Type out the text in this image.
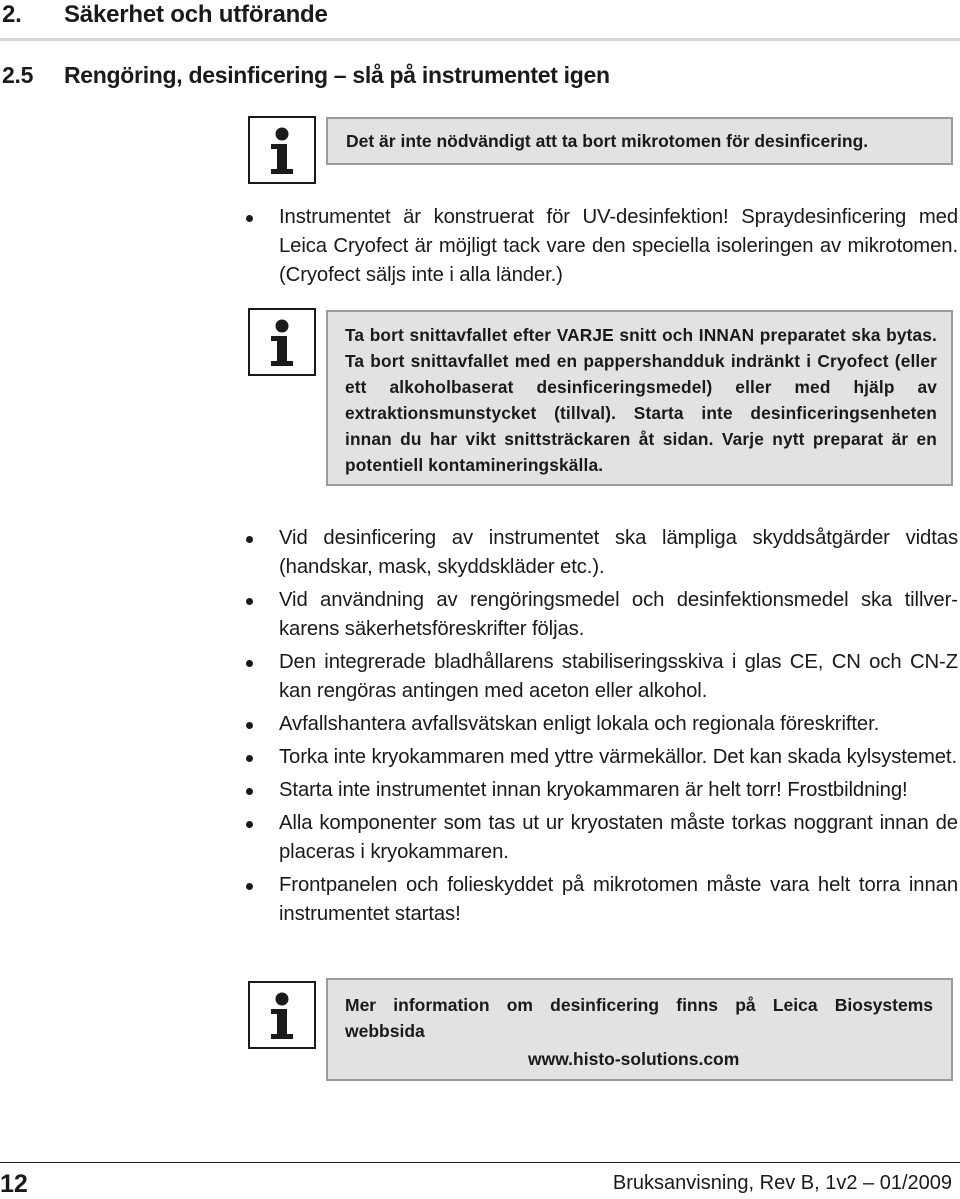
2. Säkerhet och utförande
2.5 Rengöring, desinficering – slå på instrumentet igen
Det är inte nödvändigt att ta bort mikrotomen för desinficering.
Instrumentet är konstruerat för UV-desinfektion! Spraydesinficering med Leica Cryofect är möjligt tack vare den speciella isoleringen av mikrotomen. (Cryofect säljs inte i alla länder.)
Ta bort snittavfallet efter VARJE snitt och INNAN preparatet ska bytas. Ta bort snittavfallet med en pappershandduk indränkt i Cryofect (eller ett alkoholbaserat desinficeringsmedel) eller med hjälp av extraktionsmunstycket (tillval). Starta inte desinficeringsenheten innan du har vikt snittsträckaren åt sidan. Varje nytt preparat är en potentiell kontamineringskälla.
Vid desinficering av instrumentet ska lämpliga skyddsåtgärder vidtas (handskar, mask, skyddskläder etc.).
Vid användning av rengöringsmedel och desinfektionsmedel ska tillverkarens säkerhetsföreskrifter följas.
Den integrerade bladhållarens stabiliseringsskiva i glas CE, CN och CN-Z kan rengöras antingen med aceton eller alkohol.
Avfallshantera avfallsvätskan enligt lokala och regionala föreskrifter.
Torka inte kryokammaren med yttre värmekällor. Det kan skada kylsystemet.
Starta inte instrumentet innan kryokammaren är helt torr! Frostbildning!
Alla komponenter som tas ut ur kryostaten måste torkas noggrant innan de placeras i kryokammaren.
Frontpanelen och folieskyddet på mikrotomen måste vara helt torra innan instrumentet startas!
Mer information om desinficering finns på Leica Biosystems
webbsida
www.histo-solutions.com
12	Bruksanvisning, Rev B, 1v2 – 01/2009
